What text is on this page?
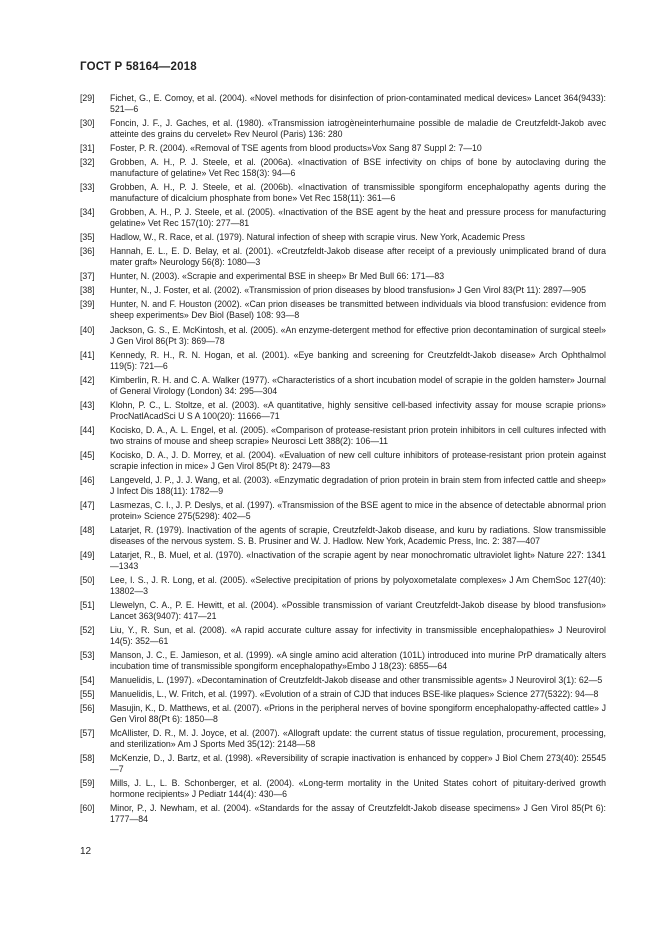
ГОСТ Р 58164—2018
[29]	Fichet, G., E. Comoy, et al. (2004). «Novel methods for disinfection of prion-contaminated medical devices» Lancet 364(9433): 521—6
[30]	Foncin, J. F., J. Gaches, et al. (1980). «Transmission iatrogèneinterhumaine possible de maladie de Creutzfeldt-Jakob avec atteinte des grains du cervelet» Rev Neurol (Paris) 136: 280
[31]	Foster, P. R. (2004). «Removal of TSE agents from blood products»Vox Sang 87 Suppl 2: 7—10
[32]	Grobben, A. H., P. J. Steele, et al. (2006a). «Inactivation of BSE infectivity on chips of bone by autoclaving during the manufacture of gelatine» Vet Rec 158(3): 94—6
[33]	Grobben, A. H., P. J. Steele, et al. (2006b). «Inactivation of transmissible spongiform encephalopathy agents during the manufacture of dicalcium phosphate from bone» Vet Rec 158(11): 361—6
[34]	Grobben, A. H., P. J. Steele, et al. (2005). «Inactivation of the BSE agent by the heat and pressure process for manufacturing gelatine» Vet Rec 157(10): 277—81
[35]	Hadlow, W., R. Race, et al. (1979). Natural infection of sheep with scrapie virus. New York, Academic Press
[36]	Hannah, E. L., E. D. Belay, et al. (2001). «Creutzfeldt-Jakob disease after receipt of a previously unimplicated brand of dura mater graft» Neurology 56(8): 1080—3
[37]	Hunter, N. (2003). «Scrapie and experimental BSE in sheep» Br Med Bull 66: 171—83
[38]	Hunter, N., J. Foster, et al. (2002). «Transmission of prion diseases by blood transfusion» J Gen Virol 83(Pt 11): 2897—905
[39]	Hunter, N. and F. Houston (2002). «Can prion diseases be transmitted between individuals via blood transfusion: evidence from sheep experiments» Dev Biol (Basel) 108: 93—8
[40]	Jackson, G. S., E. McKintosh, et al. (2005). «An enzyme-detergent method for effective prion decontamination of surgical steel» J Gen Virol 86(Pt 3): 869—78
[41]	Kennedy, R. H., R. N. Hogan, et al. (2001). «Eye banking and screening for Creutzfeldt-Jakob disease» Arch Ophthalmol 119(5): 721—6
[42]	Kimberlin, R. H. and C. A. Walker (1977). «Characteristics of a short incubation model of scrapie in the golden hamster» Journal of General Virology (London) 34: 295—304
[43]	Klohn, P. C., L. Stoltze, et al. (2003). «A quantitative, highly sensitive cell-based infectivity assay for mouse scrapie prions» ProcNatlAcadSci U S A 100(20): 11666—71
[44]	Kocisko, D. A., A. L. Engel, et al. (2005). «Comparison of protease-resistant prion protein inhibitors in cell cultures infected with two strains of mouse and sheep scrapie» Neurosci Lett 388(2): 106—11
[45]	Kocisko, D. A., J. D. Morrey, et al. (2004). «Evaluation of new cell culture inhibitors of protease-resistant prion protein against scrapie infection in mice» J Gen Virol 85(Pt 8): 2479—83
[46]	Langeveld, J. P., J. J. Wang, et al. (2003). «Enzymatic degradation of prion protein in brain stem from infected cattle and sheep» J Infect Dis 188(11): 1782—9
[47]	Lasmezas, C. I., J. P. Deslys, et al. (1997). «Transmission of the BSE agent to mice in the absence of detectable abnormal prion protein» Science 275(5298): 402—5
[48]	Latarjet, R. (1979). Inactivation of the agents of scrapie, Creutzfeldt-Jakob disease, and kuru by radiations. Slow transmissible diseases of the nervous system. S. B. Prusiner and W. J. Hadlow. New York, Academic Press, Inc. 2: 387—407
[49]	Latarjet, R., B. Muel, et al. (1970). «Inactivation of the scrapie agent by near monochromatic ultraviolet light» Nature 227: 1341—1343
[50]	Lee, I. S., J. R. Long, et al. (2005). «Selective precipitation of prions by polyoxometalate complexes» J Am ChemSoc 127(40): 13802—3
[51]	Llewelyn, C. A., P. E. Hewitt, et al. (2004). «Possible transmission of variant Creutzfeldt-Jakob disease by blood transfusion» Lancet 363(9407): 417—21
[52]	Liu, Y., R. Sun, et al. (2008). «A rapid accurate culture assay for infectivity in transmissible encephalopathies» J Neurovirol 14(5): 352—61
[53]	Manson, J. C., E. Jamieson, et al. (1999). «A single amino acid alteration (101L) introduced into murine PrP dramatically alters incubation time of transmissible spongiform encephalopathy»Embo J 18(23): 6855—64
[54]	Manuelidis, L. (1997). «Decontamination of Creutzfeldt-Jakob disease and other transmissible agents» J Neurovirol 3(1): 62—5
[55]	Manuelidis, L., W. Fritch, et al. (1997). «Evolution of a strain of CJD that induces BSE-like plaques» Science 277(5322): 94—8
[56]	Masujin, K., D. Matthews, et al. (2007). «Prions in the peripheral nerves of bovine spongiform encephalopathy-affected cattle» J Gen Virol 88(Pt 6): 1850—8
[57]	McAllister, D. R., M. J. Joyce, et al. (2007). «Allograft update: the current status of tissue regulation, procurement, processing, and sterilization» Am J Sports Med 35(12): 2148—58
[58]	McKenzie, D., J. Bartz, et al. (1998). «Reversibility of scrapie inactivation is enhanced by copper» J Biol Chem 273(40): 25545—7
[59]	Mills, J. L., L. B. Schonberger, et al. (2004). «Long-term mortality in the United States cohort of pituitary-derived growth hormone recipients» J Pediatr 144(4): 430—6
[60]	Minor, P., J. Newham, et al. (2004). «Standards for the assay of Creutzfeldt-Jakob disease specimens» J Gen Virol 85(Pt 6): 1777—84
12
